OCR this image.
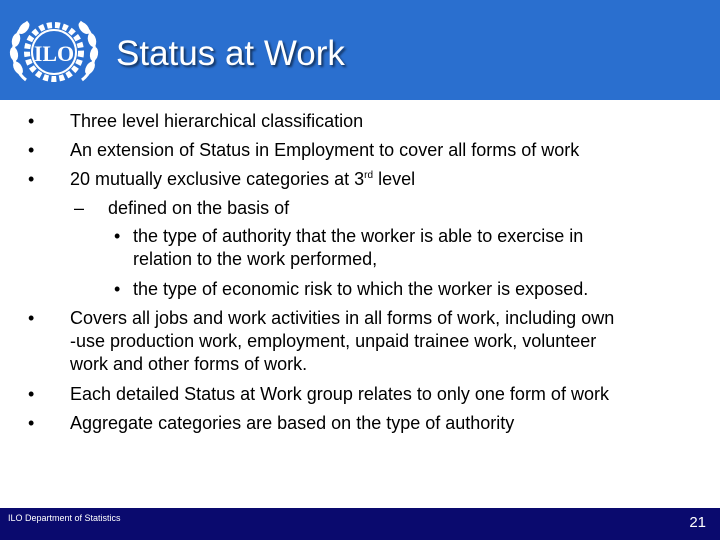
ILO Status at Work
• Three level hierarchical classification
• An extension of Status in Employment to cover all forms of work
• 20 mutually exclusive categories at 3rd level
– defined on the basis of
• the type of authority that the worker is able to exercise in
relation to the work performed,
• the type of economic risk to which the worker is exposed.
• Covers all jobs and work activities in all forms of work, including own
-use production work, employment, unpaid trainee work, volunteer
work and other forms of work.
• Each detailed Status at Work group relates to only one form of work
• Aggregate categories are based on the type of authority
ILO Department of Statistics	21
